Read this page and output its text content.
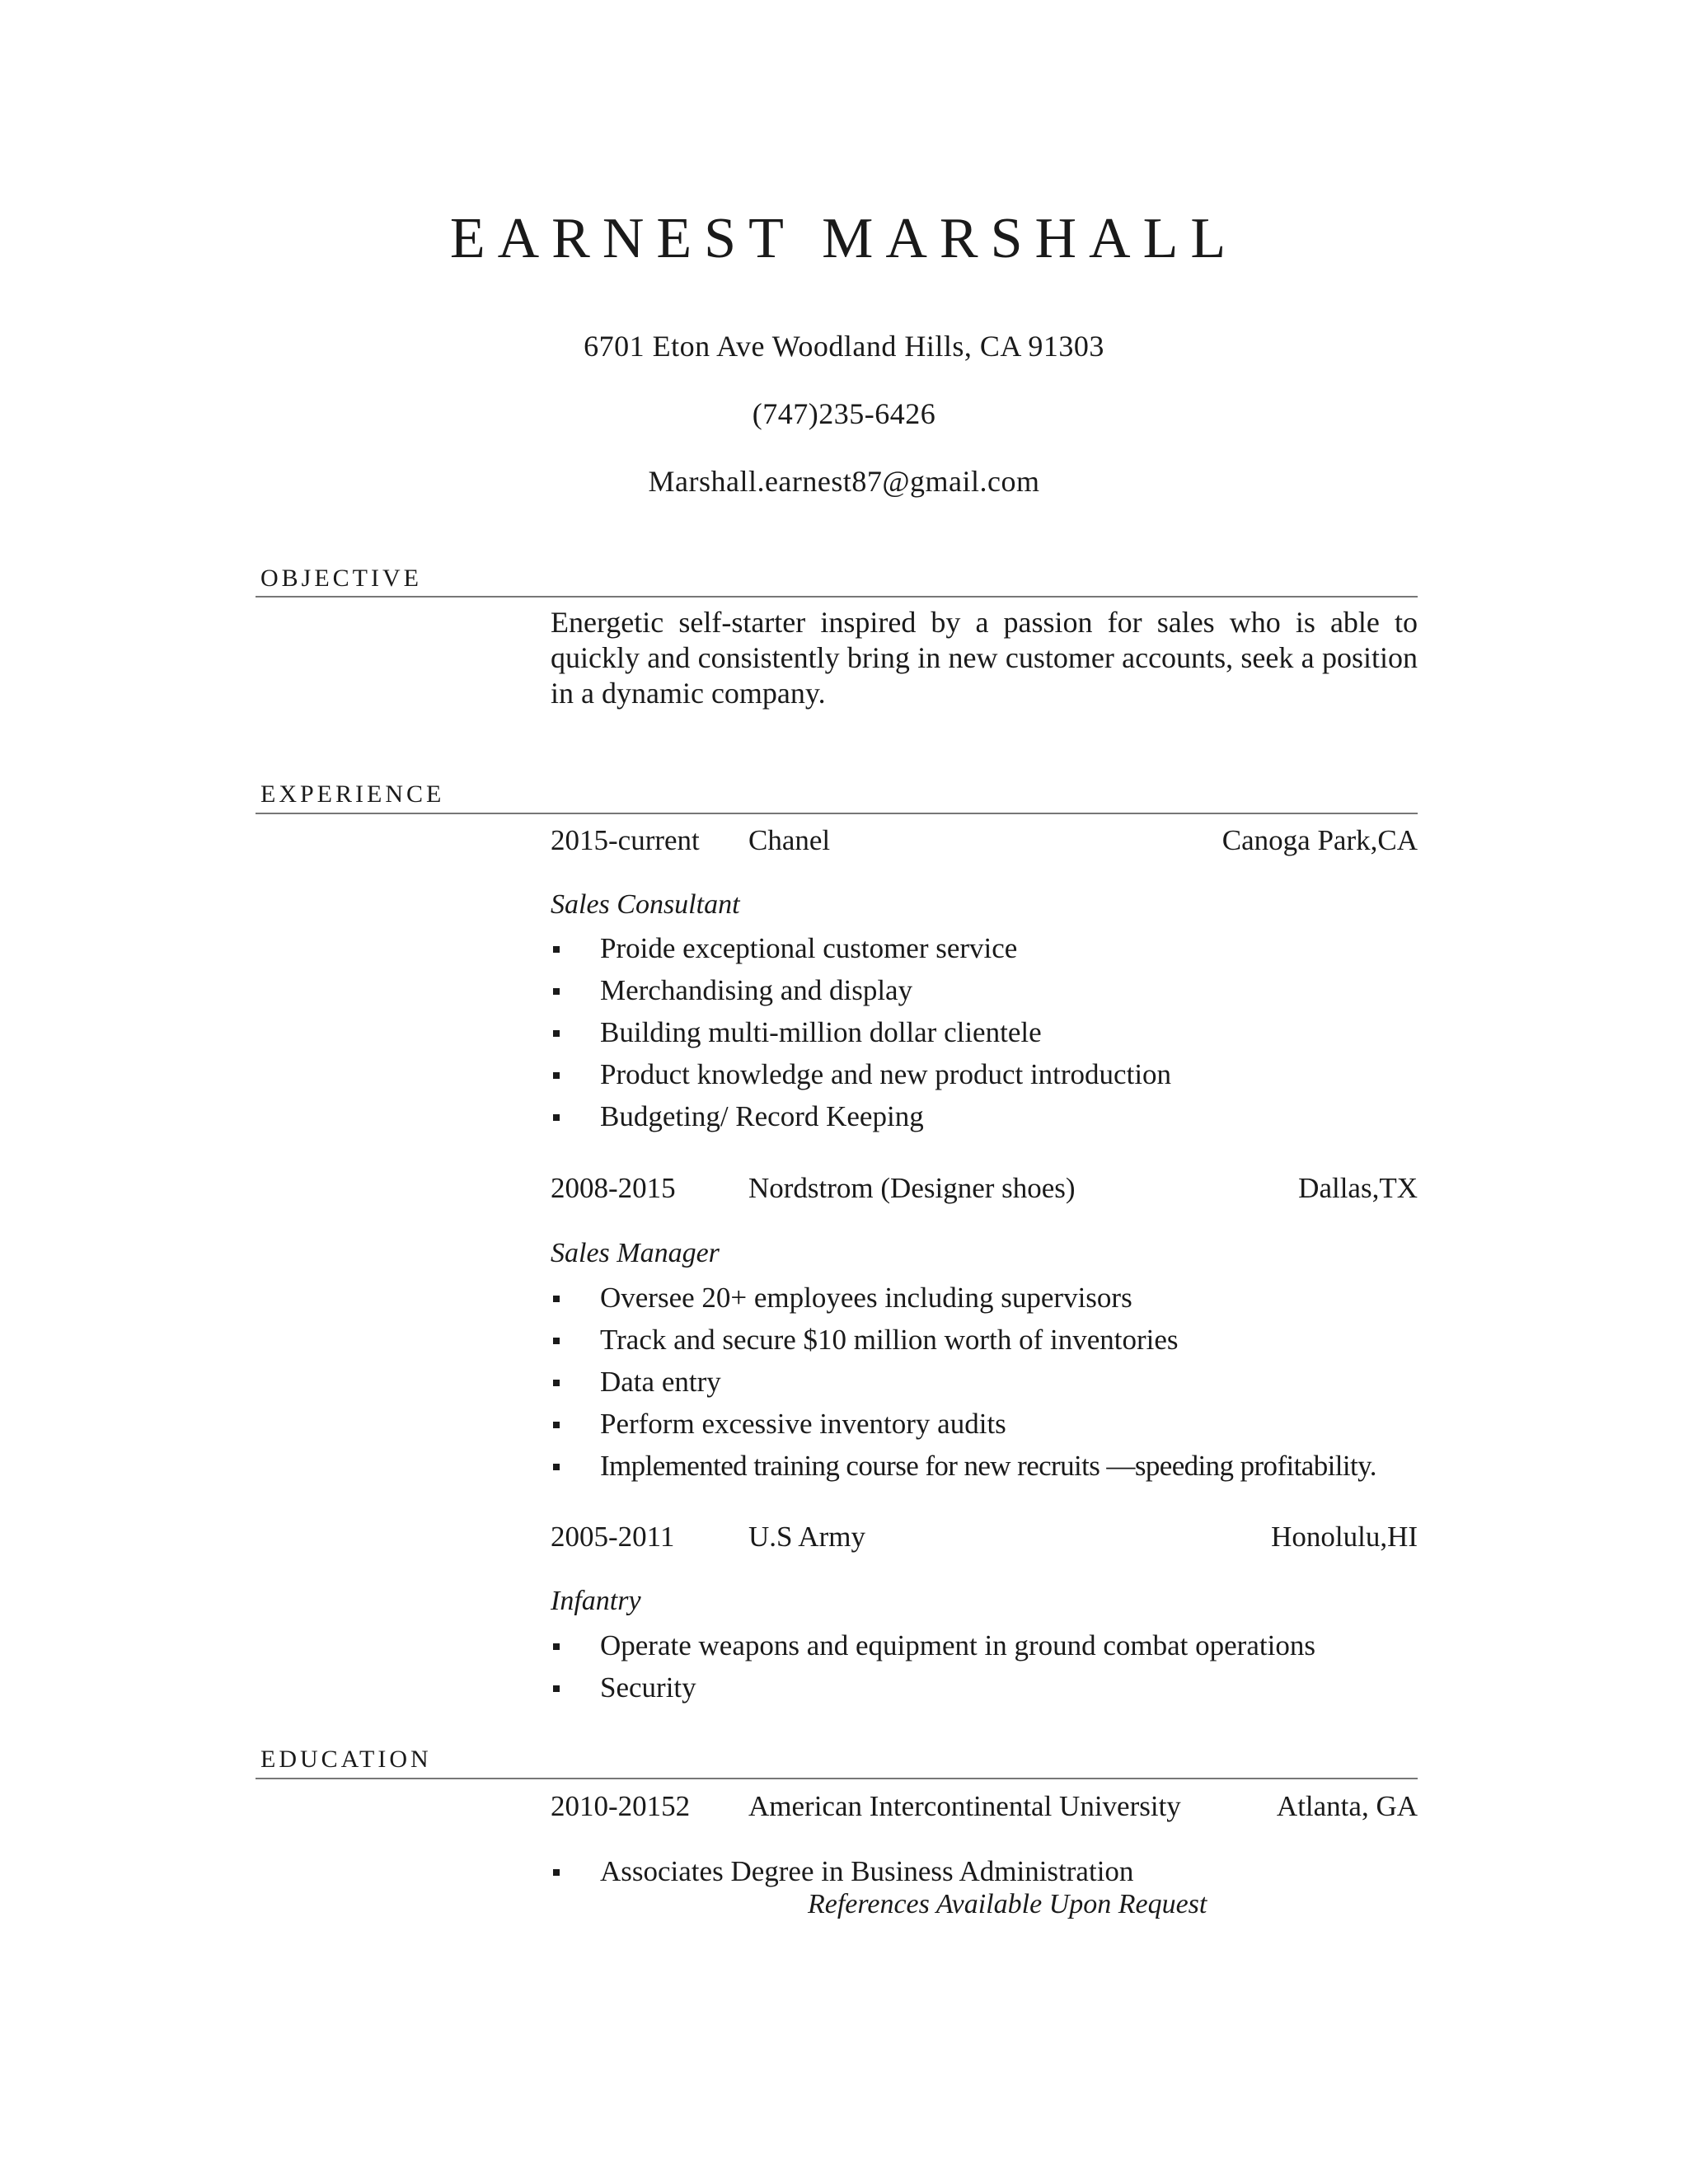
EARNEST MARSHALL
6701 Eton Ave Woodland Hills, CA 91303
(747)235-6426
Marshall.earnest87@gmail.com
OBJECTIVE

Energetic self-starter inspired by a passion for sales who is able to quickly and consistently bring in new customer accounts, seek a position in a dynamic company.

EXPERIENCE
2015-current Chanel	Canoga Park,CA
Sales Consultant
Proide exceptional customer service
Merchandising and display
Building multi-million dollar clientele
Product knowledge and new product introduction
Budgeting/ Record Keeping
2008-2015	Nordstrom (Designer shoes)	Dallas,TX
Sales Manager
Oversee 20+ employees including supervisors
Track and secure $10 million worth of inventories
Data entry
Perform excessive inventory audits
Implemented training course for new recruits —speeding profitability.
2005-2011	U.S Army	Honolulu,HI
Infantry
Operate weapons and equipment in ground combat operations
Security
EDUCATION
2010-20152 American Intercontinental University	Atlanta, GA
Associates Degree in Business Administration
References Available Upon Request
